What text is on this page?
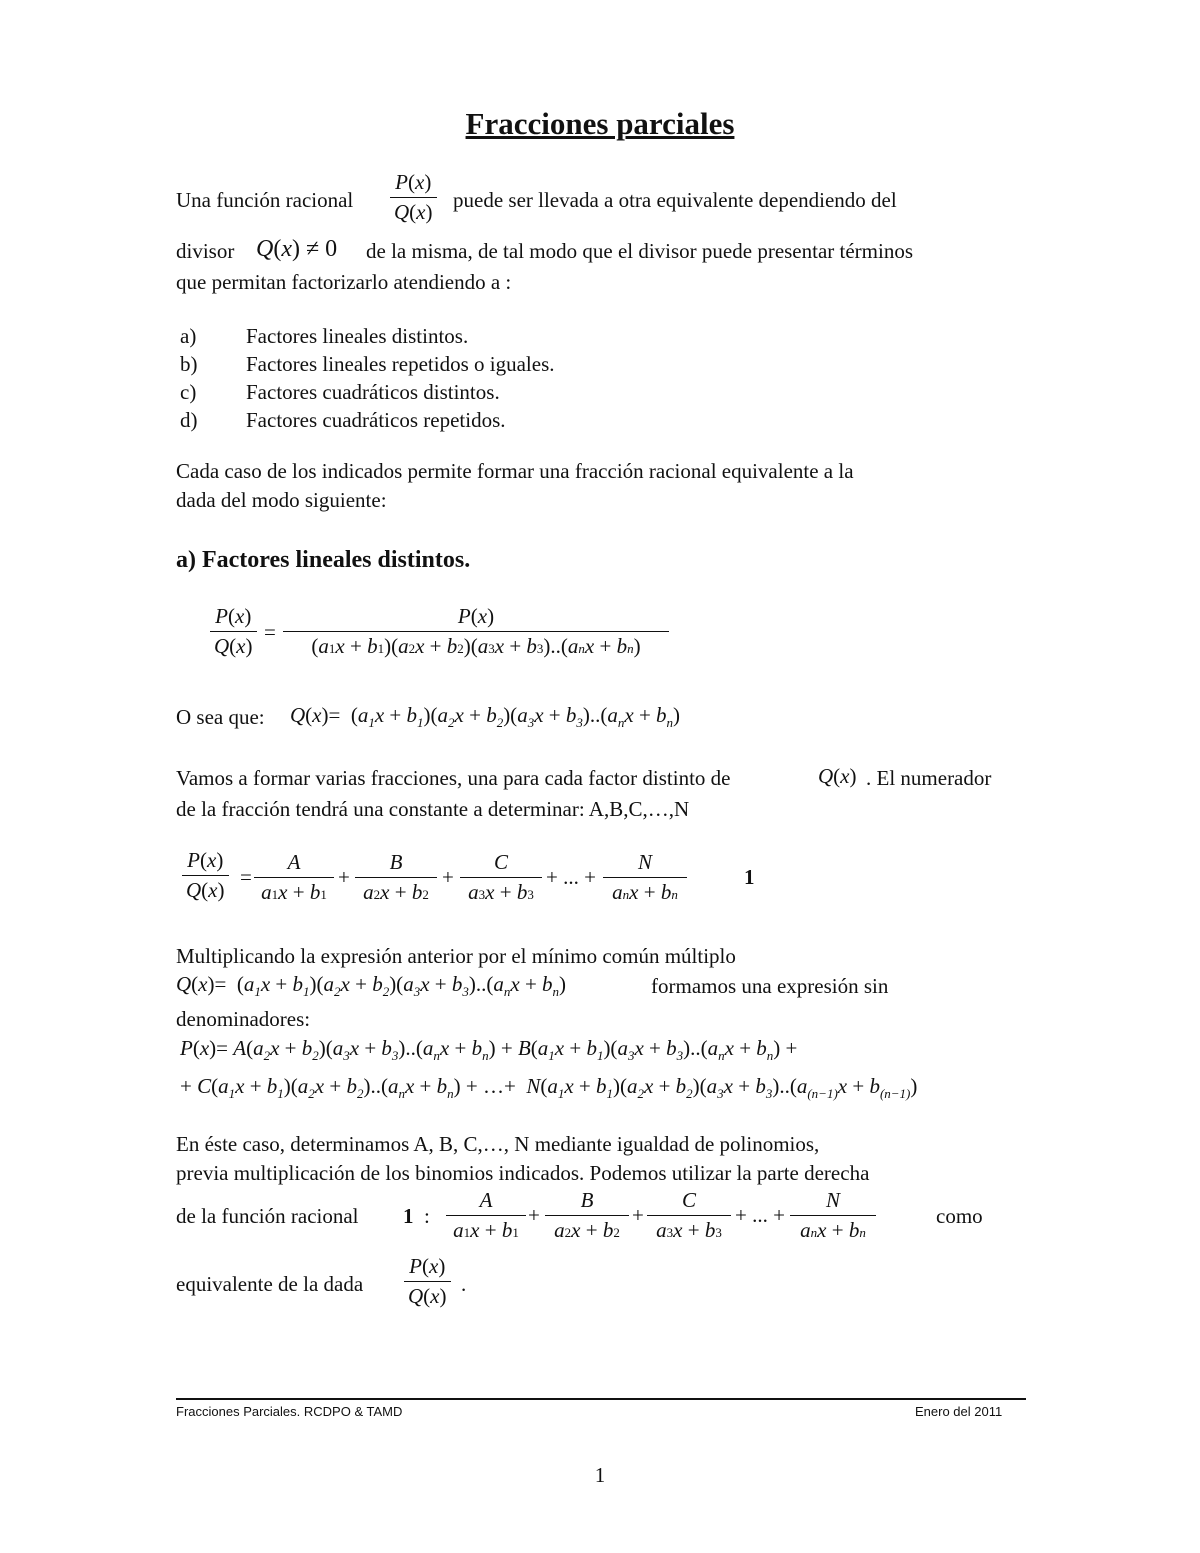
Fracciones parciales
Una función racional $\frac{P(x)}{Q(x)}$ puede ser llevada a otra equivalente dependiendo del
divisor Q(x) ≠ 0 de la misma, de tal modo que el divisor puede presentar términos
que permitan factorizarlo atendiendo a :
a)	Factores lineales distintos.
b)	Factores lineales repetidos o iguales.
c)	Factores cuadráticos distintos.
d)	Factores cuadráticos repetidos.
Cada caso de los indicados permite formar una fracción racional equivalente a la
dada del modo siguiente:
a) Factores lineales distintos.
$\frac{P(x)}{Q(x)}$ =
P(x)
(a1x + b1)(a2x + b2)(a3x + b3)..(anx + bn)
O sea que: $Q(x)= (a_1x + b_1)(a_2x + b_2)(a_3x + b_3)..(a_nx + b_n)$
Vamos a formar varias fracciones, una para cada factor distinto de	Q(x) . El numerador
de la fracción tendrá una constante a determinar: A,B,C,…,N
$\frac{P(x)}{Q(x)} = \frac{A}{a1x + b1} + \frac{B}{a2x + b2} + \frac{C}{a3x + b3}$ + ... +
N
anx + bn
1
Multiplicando la expresión anterior por el mínimo común múltiplo
$Q(x)= (a_1x + b_1)(a_2x + b_2)(a_3x + b_3)..(a_nx + b_n)$	formamos una expresión sin
denominadores:
$P(x)= A(a_2x + b_2)(a_3x + b_3)..(a_nx + b_n) + B(a_1x + b_1)(a_3x + b_3)..(a_nx + b_n)$ +
+ $C(a_1x + b_1)(a_2x + b_2)..(a_nx + b_n)$ + …+  $N(a_1x + b_1)(a_2x + b_2)(a_3x + b_3)..(a_{(n-1)}x + b_{(n-1)})$
En éste caso, determinamos A, B, C,…, N mediante igualdad de polinomios,
previa multiplicación de los binomios indicados. Podemos utilizar la parte derecha
de la función racional 1 : $\frac{A}{a1x + b1} + \frac{B}{a2x + b2} + \frac{C}{a3x + b3}$ + ... +
N
anx + bn
como
equivalente de la dada $\frac{P(x)}{Q(x)}$ .
Fracciones Parciales. RCDPO & TAMD	Enero del 2011
1
